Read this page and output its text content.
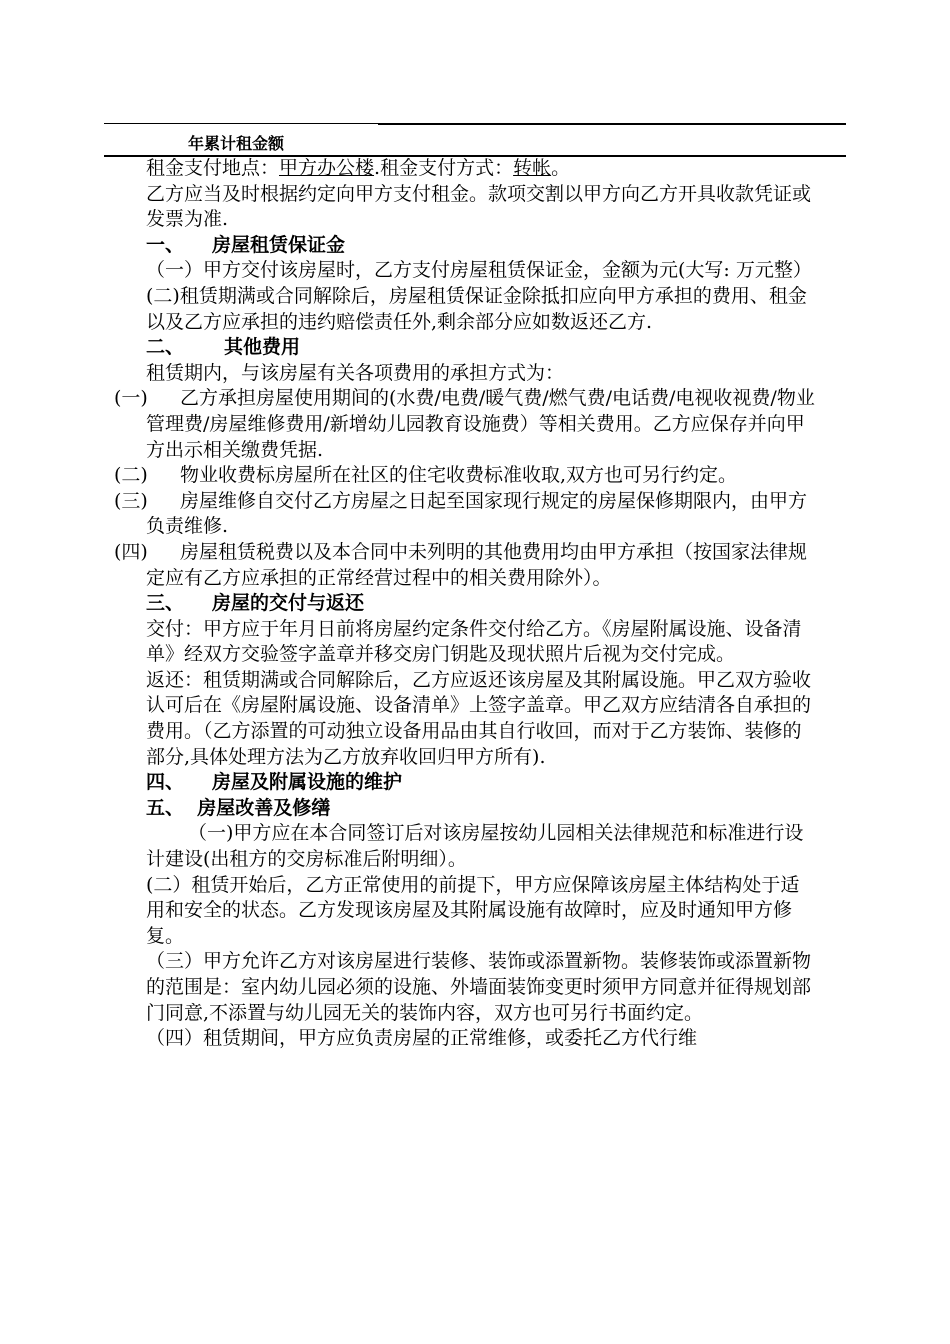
年累计租金额

租金支付地点：甲方办公楼.租金支付方式：转帐。

乙方应当及时根据约定向甲方支付租金。款项交割以甲方向乙方开具收款凭证或发票为准.

一、 房屋租赁保证金

（一）甲方交付该房屋时，乙方支付房屋租赁保证金，金额为元(大写: 万元整）

(二)租赁期满或合同解除后，房屋租赁保证金除抵扣应向甲方承担的费用、租金以及乙方应承担的违约赔偿责任外,剩余部分应如数返还乙方.

二、 其他费用

租赁期内，与该房屋有关各项费用的承担方式为：

(一) 乙方承担房屋使用期间的(水费/电费/暖气费/燃气费/电话费/电视收视费/物业管理费/房屋维修费用/新增幼儿园教育设施费）等相关费用。乙方应保存并向甲方出示相关缴费凭据.

(二) 物业收费标房屋所在社区的住宅收费标准收取,双方也可另行约定。

(三) 房屋维修自交付乙方房屋之日起至国家现行规定的房屋保修期限内，由甲方负责维修.

(四) 房屋租赁税费以及本合同中未列明的其他费用均由甲方承担（按国家法律规定应有乙方应承担的正常经营过程中的相关费用除外）。

三、 房屋的交付与返还

交付：甲方应于年月日前将房屋约定条件交付给乙方。《房屋附属设施、设备清单》经双方交验签字盖章并移交房门钥匙及现状照片后视为交付完成。

返还：租赁期满或合同解除后，乙方应返还该房屋及其附属设施。甲乙双方验收认可后在《房屋附属设施、设备清单》上签字盖章。甲乙双方应结清各自承担的费用。（乙方添置的可动独立设备用品由其自行收回，而对于乙方装饰、装修的部分,具体处理方法为乙方放弃收回归甲方所有).

四、 房屋及附属设施的维护

五、 房屋改善及修缮

（一)甲方应在本合同签订后对该房屋按幼儿园相关法律规范和标准进行设计建设(出租方的交房标准后附明细）。

(二）租赁开始后，乙方正常使用的前提下，甲方应保障该房屋主体结构处于适用和安全的状态。乙方发现该房屋及其附属设施有故障时，应及时通知甲方修复。

（三）甲方允许乙方对该房屋进行装修、装饰或添置新物。装修装饰或添置新物的范围是：室内幼儿园必须的设施、外墙面装饰变更时须甲方同意并征得规划部门同意,不添置与幼儿园无关的装饰内容，双方也可另行书面约定。

（四）租赁期间，甲方应负责房屋的正常维修，或委托乙方代行维
